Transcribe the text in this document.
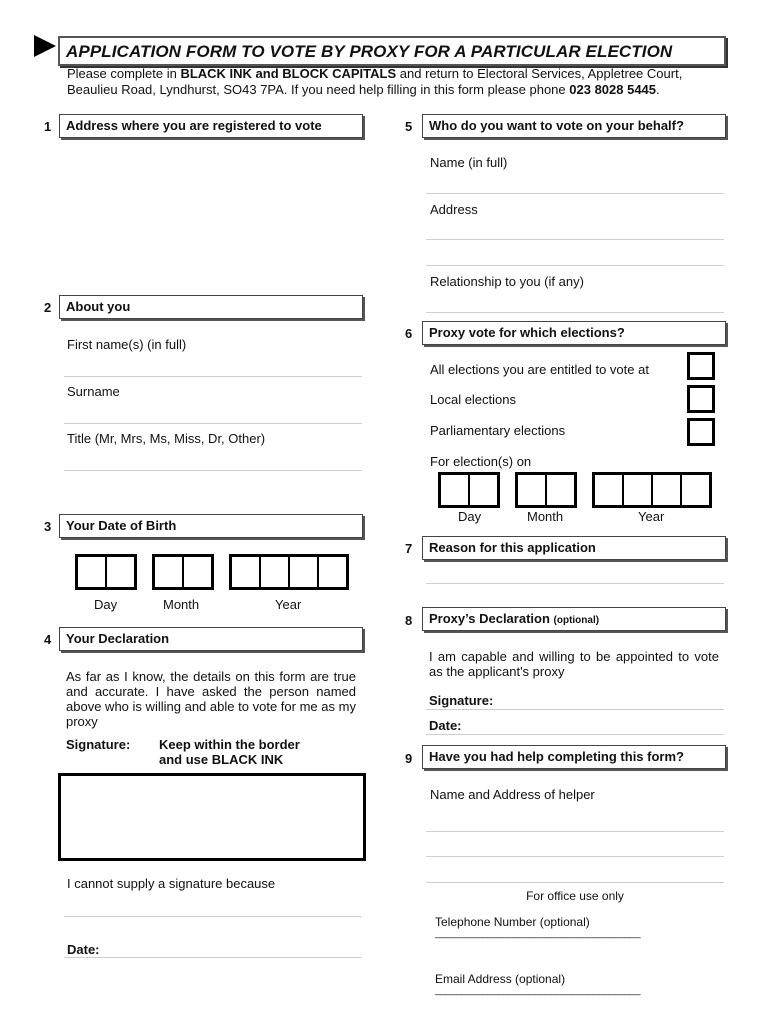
APPLICATION FORM TO VOTE BY PROXY FOR A PARTICULAR ELECTION
Please complete in BLACK INK and BLOCK CAPITALS and return to Electoral Services, Appletree Court, Beaulieu Road, Lyndhurst, SO43 7PA. If you need help filling in this form please phone 023 8028 5445.
1 Address where you are registered to vote
2 About you
First name(s) (in full)
Surname
Title (Mr, Mrs, Ms, Miss, Dr, Other)
3 Your Date of Birth
Day	Month	Year
4 Your Declaration
As far as I know, the details on this form are true and accurate. I have asked the person named above who is willing and able to vote for me as my proxy
Signature: Keep within the border
and use BLACK INK
I cannot supply a signature because
Date:
5 Who do you want to vote on your behalf?
Name (in full)
Address
Relationship to you (if any)
6 Proxy vote for which elections?
All elections you are entitled to vote at
Local elections
Parliamentary elections
For election(s) on
Day	Month	Year
7 Reason for this application
8 Proxy’s Declaration (optional)
I am capable and willing to be appointed to vote as the applicant's proxy
Signature:
Date:
9 Have you had help completing this form?
Name and Address of helper
For office use only
Telephone Number (optional)
_______________________________________
Email Address (optional)
_______________________________________
